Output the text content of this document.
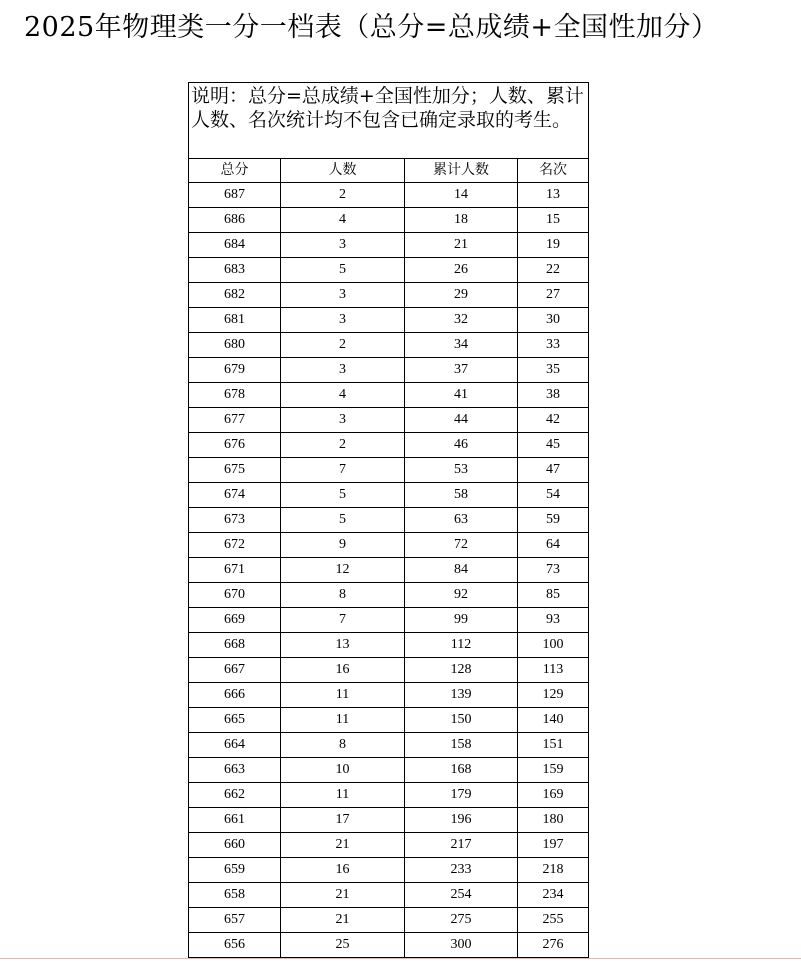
2025年物理类一分一档表（总分=总成绩+全国性加分）
说明：总分=总成绩+全国性加分；人数、累计人数、名次统计均不包含已确定录取的考生。			
总分	人数	累计人数	名次
687	2	14	13
686	4	18	15
684	3	21	19
683	5	26	22
682	3	29	27
681	3	32	30
680	2	34	33
679	3	37	35
678	4	41	38
677	3	44	42
676	2	46	45
675	7	53	47
674	5	58	54
673	5	63	59
672	9	72	64
671	12	84	73
670	8	92	85
669	7	99	93
668	13	112	100
667	16	128	113
666	11	139	129
665	11	150	140
664	8	158	151
663	10	168	159
662	11	179	169
661	17	196	180
660	21	217	197
659	16	233	218
658	21	254	234
657	21	275	255
656	25	300	276
